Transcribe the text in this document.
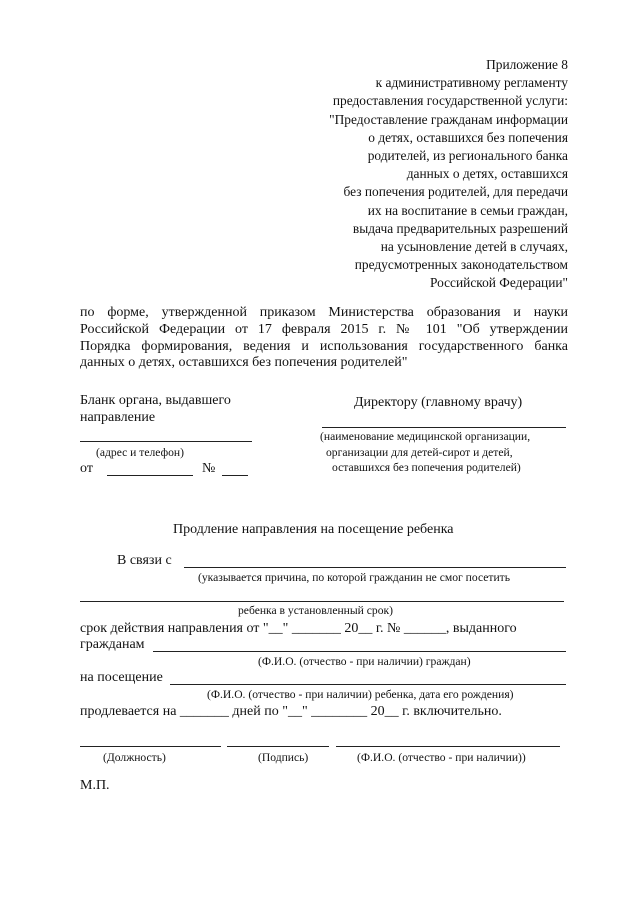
Приложение 8
к административному регламенту
предоставления государственной услуги:
"Предоставление гражданам информации
о детях, оставшихся без попечения
родителей, из регионального банка
данных о детях, оставшихся
без попечения родителей, для передачи
их на воспитание в семьи граждан,
выдача предварительных разрешений
на усыновление детей в случаях,
предусмотренных законодательством
Российской Федерации"
по форме, утвержденной приказом Министерства образования и науки
Российской Федерации от 17 февраля 2015 г. № 101 "Об утверждении
Порядка формирования, ведения и использования государственного банка
данных о детях, оставшихся без попечения родителей"
Бланк органа, выдавшего
направление
(адрес и телефон)
от	№
Директору (главному врачу)
(наименование медицинской организации,
организации для детей-сирот и детей,
оставшихся без попечения родителей)
Продление направления на посещение ребенка
В связи с
(указывается причина, по которой гражданин не смог посетить
ребенка в установленный срок)
срок действия направления от "__" _______ 20__ г. № ______, выданного
гражданам
(Ф.И.О. (отчество - при наличии) граждан)
на посещение
(Ф.И.О. (отчество - при наличии) ребенка, дата его рождения)
продлевается на _______ дней по "__" ________ 20__ г. включительно.
(Должность)	(Подпись)	(Ф.И.О. (отчество - при наличии))
М.П.
